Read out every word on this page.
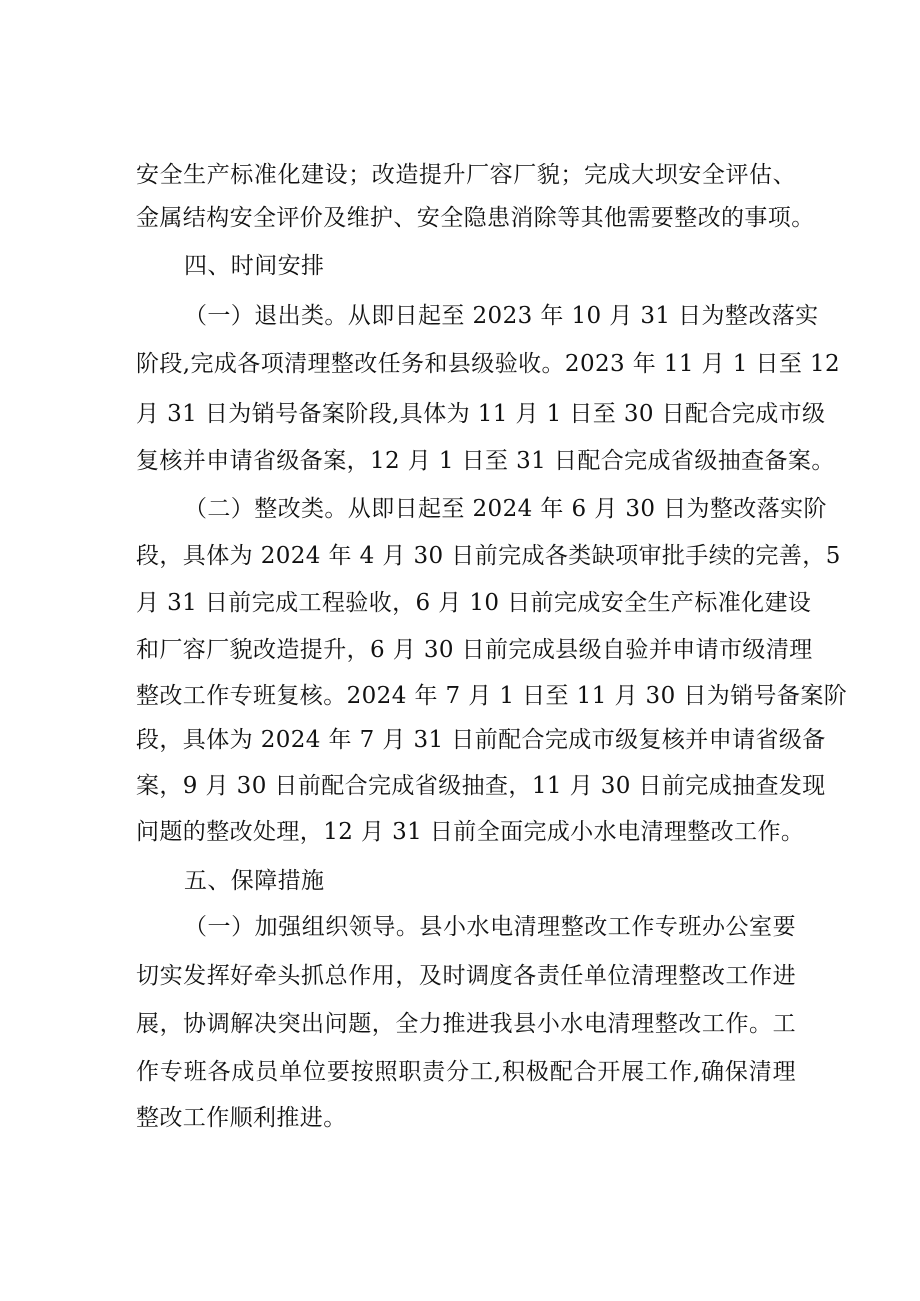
安全生产标准化建设；改造提升厂容厂貌；完成大坝安全评估、
金属结构安全评价及维护、安全隐患消除等其他需要整改的事项。
四、时间安排
（一）退出类。从即日起至 2023 年 10 月 31 日为整改落实
阶段,完成各项清理整改任务和县级验收。2023 年 11 月 1 日至 12
月 31 日为销号备案阶段,具体为 11 月 1 日至 30 日配合完成市级
复核并申请省级备案，12 月 1 日至 31 日配合完成省级抽查备案。
（二）整改类。从即日起至 2024 年 6 月 30 日为整改落实阶
段，具体为 2024 年 4 月 30 日前完成各类缺项审批手续的完善，5
月 31 日前完成工程验收，6 月 10 日前完成安全生产标准化建设
和厂容厂貌改造提升，6 月 30 日前完成县级自验并申请市级清理
整改工作专班复核。2024 年 7 月 1 日至 11 月 30 日为销号备案阶
段，具体为 2024 年 7 月 31 日前配合完成市级复核并申请省级备
案，9 月 30 日前配合完成省级抽查，11 月 30 日前完成抽查发现
问题的整改处理，12 月 31 日前全面完成小水电清理整改工作。
五、保障措施
（一）加强组织领导。县小水电清理整改工作专班办公室要
切实发挥好牵头抓总作用，及时调度各责任单位清理整改工作进
展，协调解决突出问题，全力推进我县小水电清理整改工作。工
作专班各成员单位要按照职责分工,积极配合开展工作,确保清理
整改工作顺利推进。
